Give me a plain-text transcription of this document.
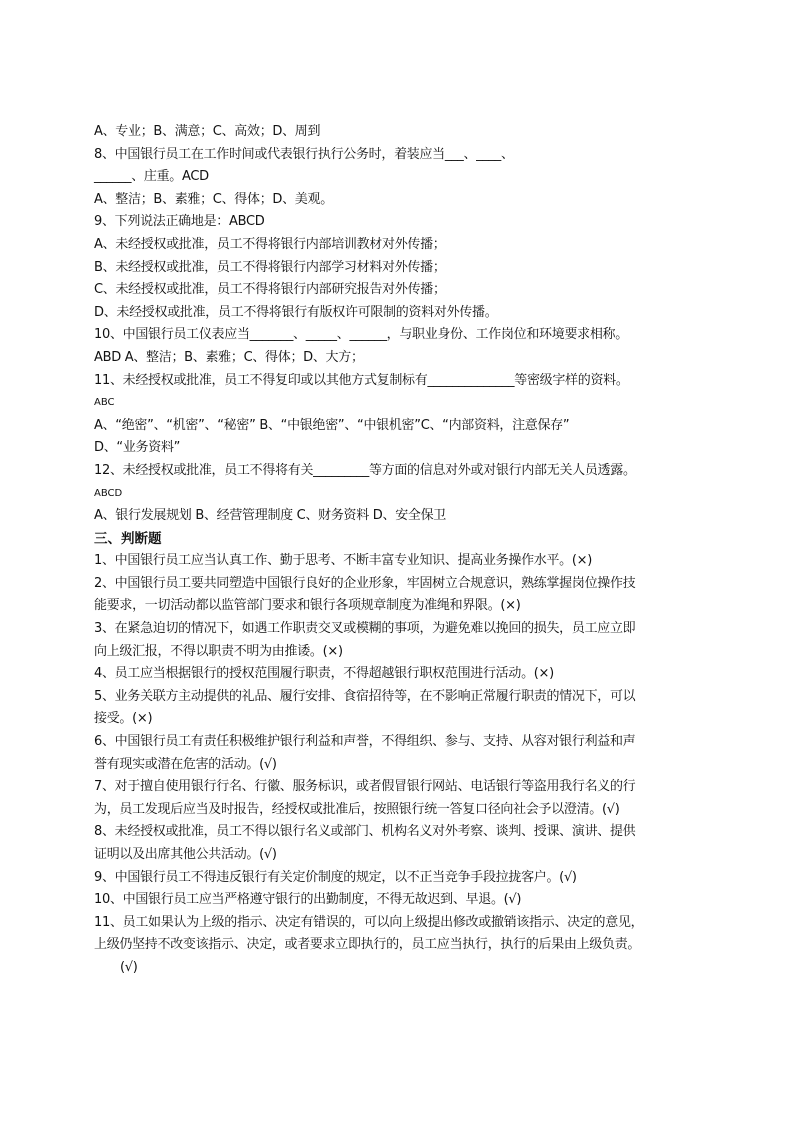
A、专业；B、满意；C、高效；D、周到
8、中国银行员工在工作时间或代表银行执行公务时，着装应当___、____、
______、庄重。ACD
A、整洁；B、素雅；C、得体；D、美观。
9、下列说法正确地是：ABCD
A、未经授权或批准，员工不得将银行内部培训教材对外传播；
B、未经授权或批准，员工不得将银行内部学习材料对外传播；
C、未经授权或批准，员工不得将银行内部研究报告对外传播；
D、未经授权或批准，员工不得将银行有版权许可限制的资料对外传播。
10、中国银行员工仪表应当_______、_____、______，与职业身份、工作岗位和环境要求相称。
ABD A、整洁；B、素雅；C、得体；D、大方；
11、未经授权或批准，员工不得复印或以其他方式复制标有______________等密级字样的资料。
ABC
A、“绝密”、“机密”、“秘密” B、“中银绝密”、“中银机密”C、“内部资料，注意保存”
D、“业务资料”
12、未经授权或批准，员工不得将有关_________等方面的信息对外或对银行内部无关人员透露。
ABCD
A、银行发展规划 B、经营管理制度 C、财务资料 D、安全保卫
三、判断题
1、中国银行员工应当认真工作、勤于思考、不断丰富专业知识、提高业务操作水平。(×)
2、中国银行员工要共同塑造中国银行良好的企业形象，牢固树立合规意识，熟练掌握岗位操作技
能要求，一切活动都以监管部门要求和银行各项规章制度为准绳和界限。(×)
3、在紧急迫切的情况下，如遇工作职责交叉或模糊的事项，为避免难以挽回的损失，员工应立即
向上级汇报，不得以职责不明为由推诿。(×)
4、员工应当根据银行的授权范围履行职责，不得超越银行职权范围进行活动。(×)
5、业务关联方主动提供的礼品、履行安排、食宿招待等，在不影响正常履行职责的情况下，可以
接受。(×)
6、中国银行员工有责任积极维护银行利益和声誉，不得组织、参与、支持、从容对银行利益和声
誉有现实或潜在危害的活动。(√)
7、对于擅自使用银行行名、行徽、服务标识，或者假冒银行网站、电话银行等盗用我行名义的行
为，员工发现后应当及时报告，经授权或批准后，按照银行统一答复口径向社会予以澄清。(√)
8、未经授权或批准，员工不得以银行名义或部门、机构名义对外考察、谈判、授课、演讲、提供
证明以及出席其他公共活动。(√)
9、中国银行员工不得违反银行有关定价制度的规定，以不正当竞争手段拉拢客户。(√)
10、中国银行员工应当严格遵守银行的出勤制度，不得无故迟到、早退。(√)
11、员工如果认为上级的指示、决定有错误的，可以向上级提出修改或撤销该指示、决定的意见，
上级仍坚持不改变该指示、决定，或者要求立即执行的，员工应当执行，执行的后果由上级负责。
(√)
